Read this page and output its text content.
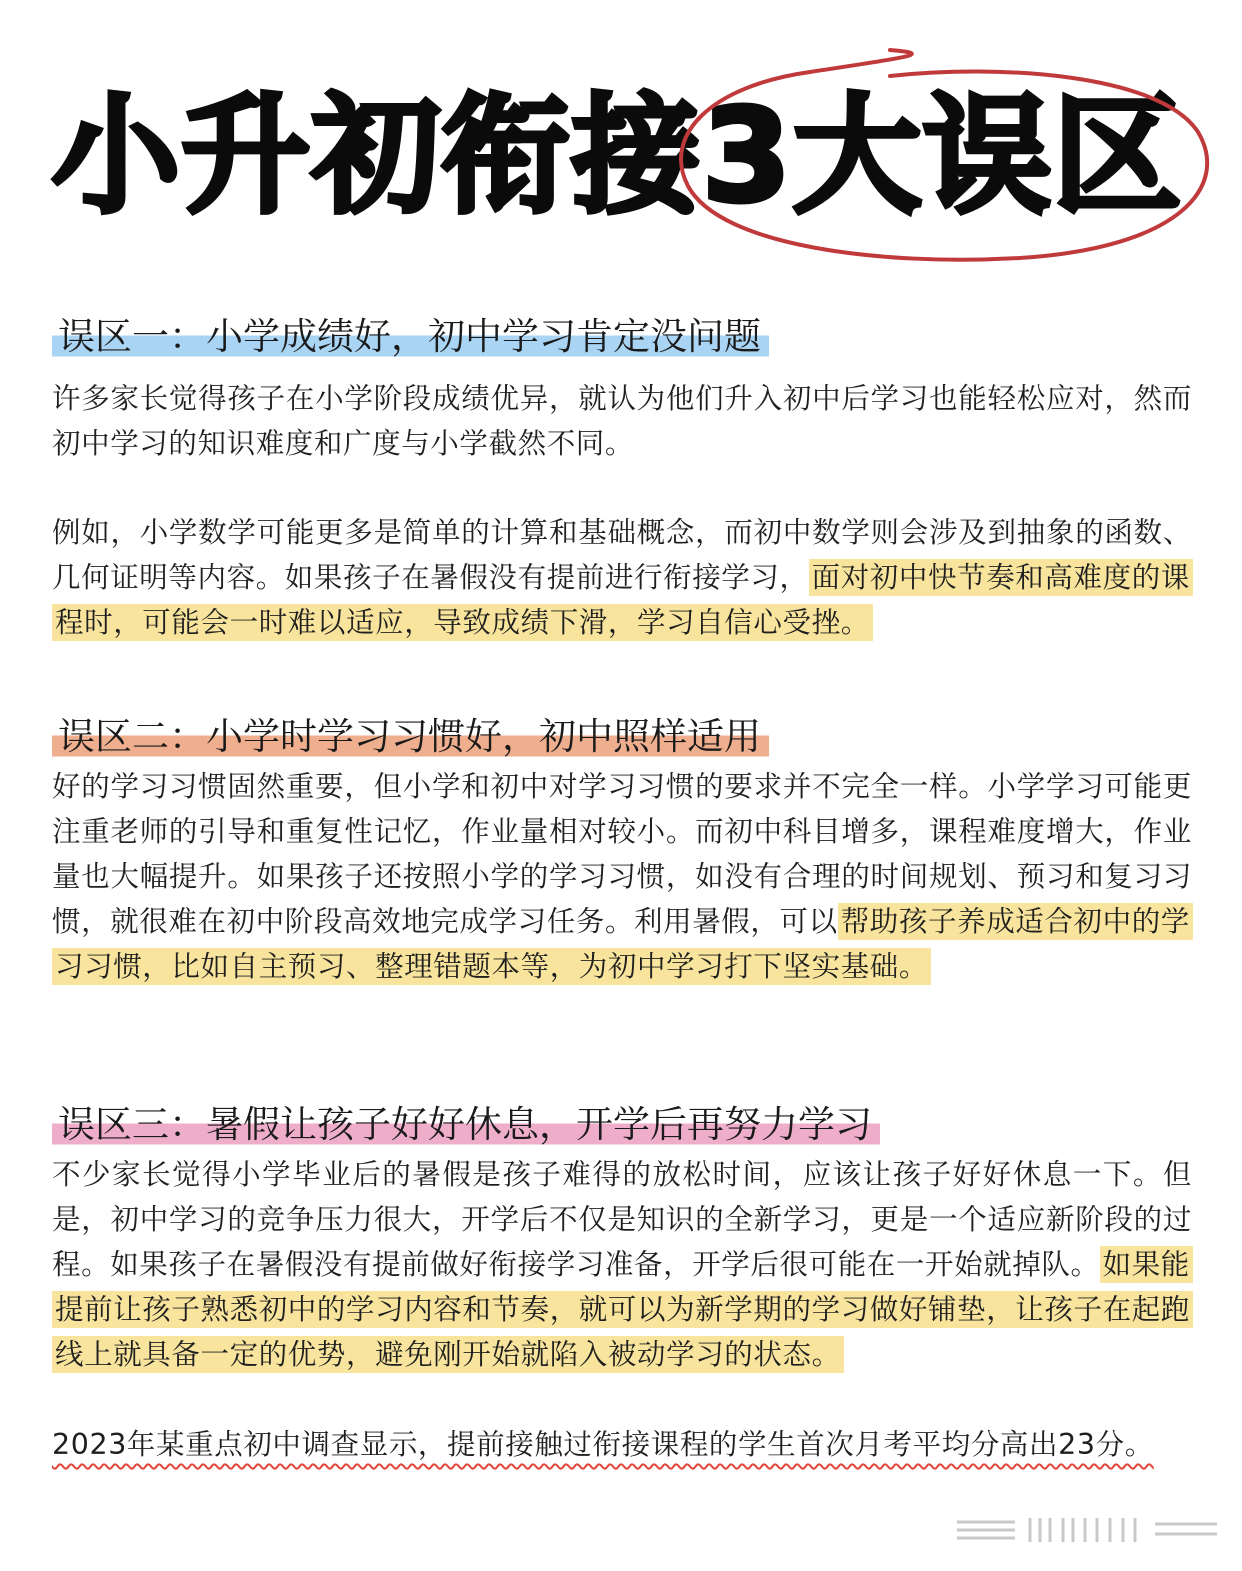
小升初衔接3大误区
误区一：小学成绩好，初中学习肯定没问题

许多家长觉得孩子在小学阶段成绩优异，就认为他们升入初中后学习也能轻松应对，然而初中学习的知识难度和广度与小学截然不同。

例如，小学数学可能更多是简单的计算和基础概念，而初中数学则会涉及到抽象的函数、几何证明等内容。如果孩子在暑假没有提前进行衔接学习， 面对初中快节奏和高难度的课程时，可能会一时难以适应，导致成绩下滑，学习自信心受挫。

误区二：小学时学习习惯好，初中照样适用

好的学习习惯固然重要，但小学和初中对学习习惯的要求并不完全一样。小学学习可能更注重老师的引导和重复性记忆，作业量相对较小。而初中科目增多，课程难度增大，作业量也大幅提升。如果孩子还按照小学的学习习惯，如没有合理的时间规划、预习和复习习惯，就很难在初中阶段高效地完成学习任务。利用暑假，可以 帮助孩子养成适合初中的学习习惯，比如自主预习、整理错题本等，为初中学习打下坚实基础。

误区三：暑假让孩子好好休息，开学后再努力学习

不少家长觉得小学毕业后的暑假是孩子难得的放松时间，应该让孩子好好休息一下。但是，初中学习的竞争压力很大，开学后不仅是知识的全新学习，更是一个适应新阶段的过程。如果孩子在暑假没有提前做好衔接学习准备，开学后很可能在一开始就掉队。 如果能提前让孩子熟悉初中的学习内容和节奏，就可以为新学期的学习做好铺垫，让孩子在起跑线上就具备一定的优势，避免刚开始就陷入被动学习的状态。

2023年某重点初中调查显示，提前接触过衔接课程的学生首次月考平均分高出23分。
